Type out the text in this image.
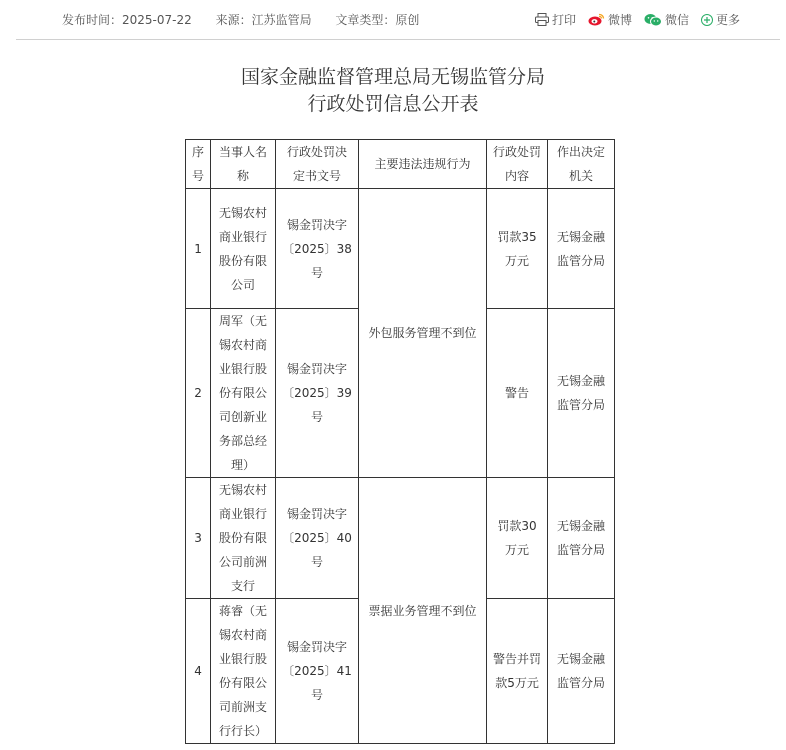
发布时间：2025-07-22 来源：江苏监管局 文章类型：原创	打印	微博	微信 更多
国家金融监督管理总局无锡监管分局
行政处罚信息公开表
序号	当事人名称	行政处罚决定书文号	主要违法违规行为	行政处罚内容	作出决定机关
1	无锡农村商业银行股份有限公司	锡金罚决字〔2025〕38号	外包服务管理不到位	罚款35万元	无锡金融监管分局
2	周军（无锡农村商业银行股份有限公司创新业务部总经理）	锡金罚决字〔2025〕39号		警告	无锡金融监管分局
3	无锡农村商业银行股份有限公司前洲支行	锡金罚决字〔2025〕40号	票据业务管理不到位	罚款30万元	无锡金融监管分局
4	蒋睿（无锡农村商业银行股份有限公司前洲支行行长）	锡金罚决字〔2025〕41号		警告并罚款5万元	无锡金融监管分局
